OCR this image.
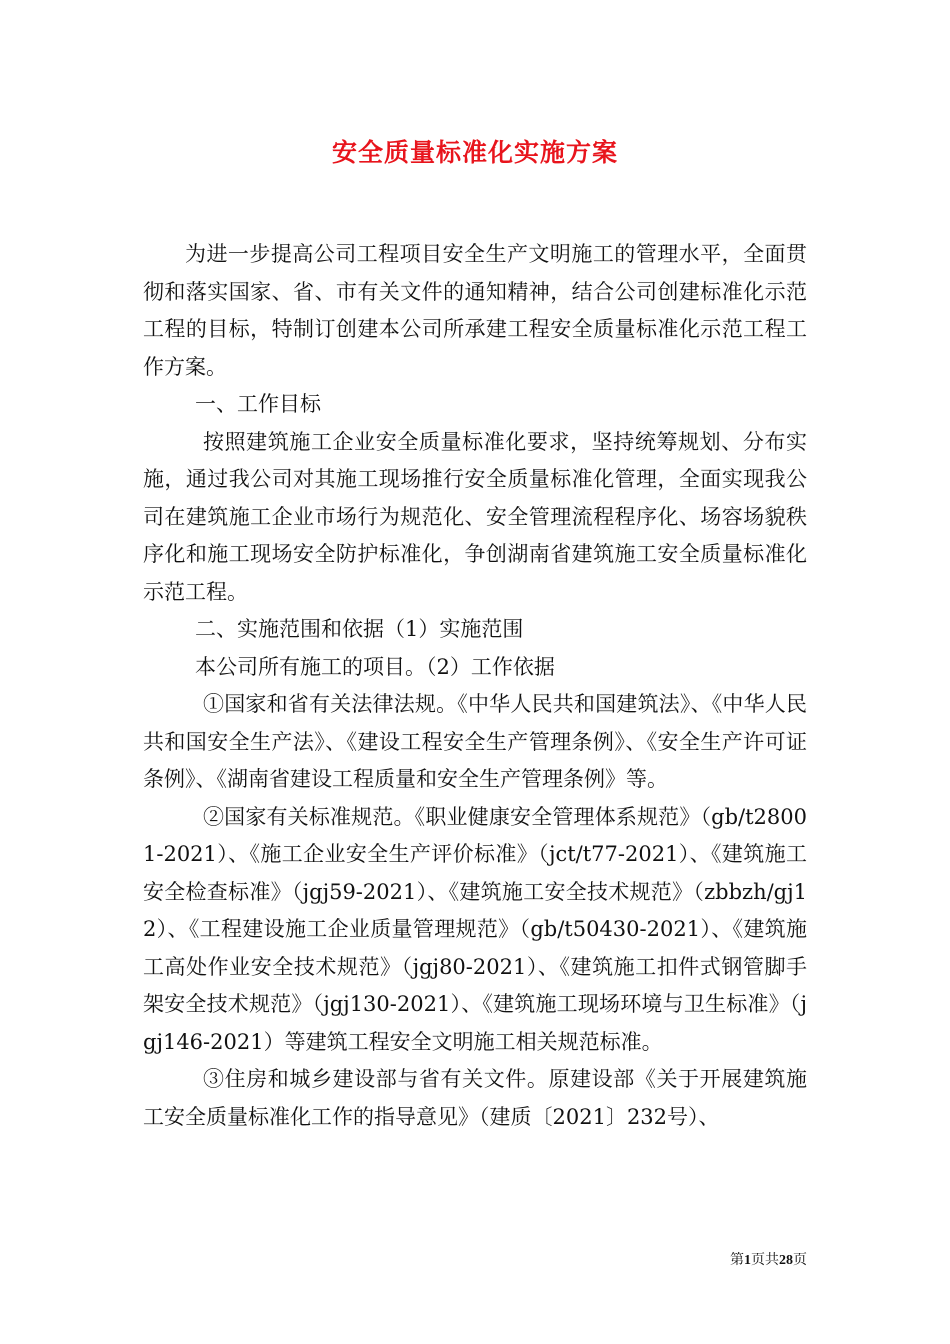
安全质量标准化实施方案

为进一步提高公司工程项目安全生产文明施工的管理水平，全面贯彻和落实国家、省、市有关文件的通知精神，结合公司创建标准化示范工程的目标，特制订创建本公司所承建工程安全质量标准化示范工程工作方案。

一、工作目标

按照建筑施工企业安全质量标准化要求，坚持统筹规划、分布实施，通过我公司对其施工现场推行安全质量标准化管理，全面实现我公司在建筑施工企业市场行为规范化、安全管理流程程序化、场容场貌秩序化和施工现场安全防护标准化，争创湖南省建筑施工安全质量标准化示范工程。

二、实施范围和依据（1）实施范围

本公司所有施工的项目。（2）工作依据

①国家和省有关法律法规。《中华人民共和国建筑法》、《中华人民共和国安全生产法》、《建设工程安全生产管理条例》、《安全生产许可证条例》、《湖南省建设工程质量和安全生产管理条例》等。

②国家有关标准规范。《职业健康安全管理体系规范》（gb/t28001-2021）、《施工企业安全生产评价标准》（jct/t77-2021）、《建筑施工安全检查标准》（jgj59-2021）、《建筑施工安全技术规范》（zbbzh/gj12）、《工程建设施工企业质量管理规范》（gb/t50430-2021）、《建筑施工高处作业安全技术规范》（jgj80-2021）、《建筑施工扣件式钢管脚手架安全技术规范》（jgj130-2021）、《建筑施工现场环境与卫生标准》（jgj146-2021）等建筑工程安全文明施工相关规范标准。

③住房和城乡建设部与省有关文件。原建设部《关于开展建筑施工安全质量标准化工作的指导意见》（建质〔2021〕232号）、

第1页共28页
